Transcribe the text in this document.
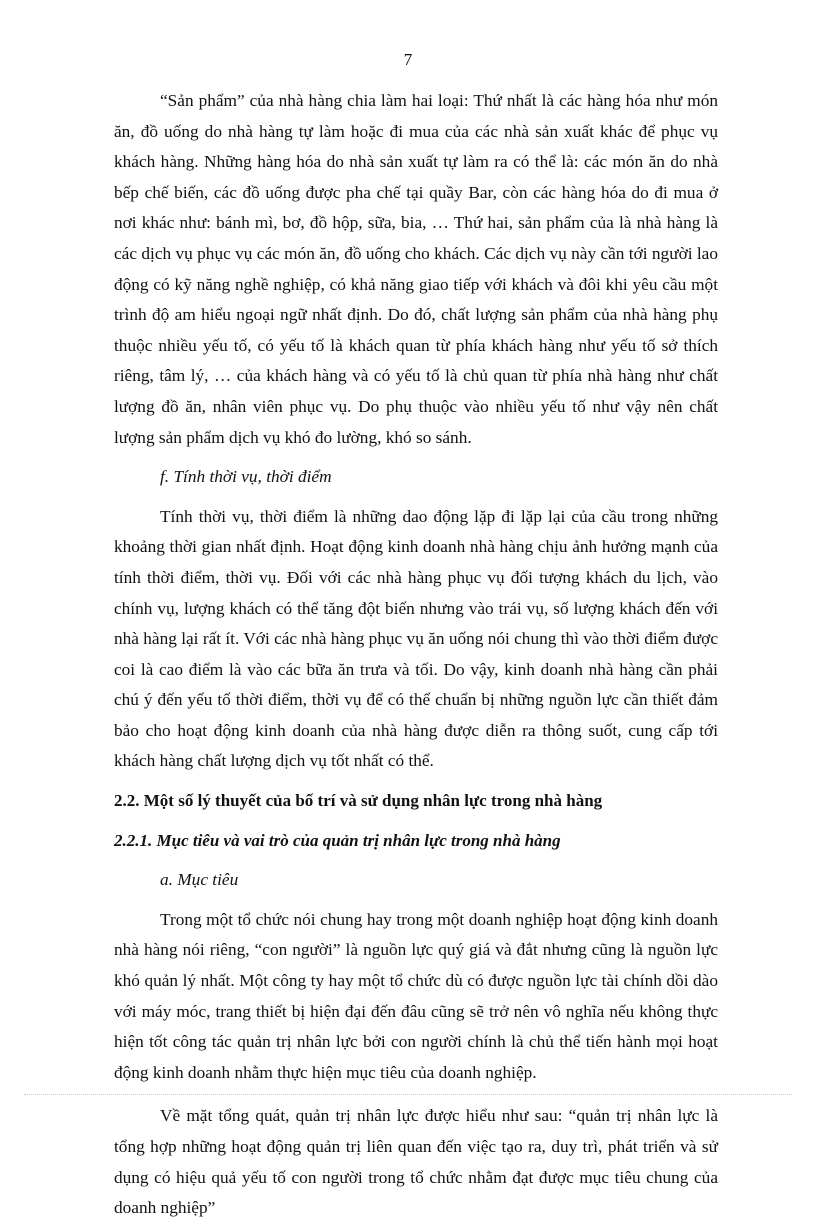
7

“Sản phẩm” của nhà hàng chia làm hai loại: Thứ nhất là các hàng hóa như món ăn, đồ uống do nhà hàng tự làm hoặc đi mua của các nhà sản xuất khác để phục vụ khách hàng. Những hàng hóa do nhà sản xuất tự làm ra có thể là: các món ăn do nhà bếp chế biến, các đồ uống được pha chế tại quầy Bar, còn các hàng hóa do đi mua ở nơi khác như: bánh mì, bơ, đồ hộp, sữa, bia, … Thứ hai, sản phẩm của là nhà hàng là các dịch vụ phục vụ các món ăn, đồ uống cho khách. Các dịch vụ này cần tới người lao động có kỹ năng nghề nghiệp, có khả năng giao tiếp với khách và đôi khi yêu cầu một trình độ am hiểu ngoại ngữ nhất định. Do đó, chất lượng sản phẩm của nhà hàng phụ thuộc nhiều yếu tố, có yếu tố là khách quan từ phía khách hàng như yếu tố sở thích riêng, tâm lý, … của khách hàng và có yếu tố là chủ quan từ phía nhà hàng như chất lượng đồ ăn, nhân viên phục vụ. Do phụ thuộc vào nhiều yếu tố như vậy nên chất lượng sản phẩm dịch vụ khó đo lường, khó so sánh.

f. Tính thời vụ, thời điểm

Tính thời vụ, thời điểm là những dao động lặp đi lặp lại của cầu trong những khoảng thời gian nhất định. Hoạt động kinh doanh nhà hàng chịu ảnh hưởng mạnh của tính thời điểm, thời vụ. Đối với các nhà hàng phục vụ đối tượng khách du lịch, vào chính vụ, lượng khách có thể tăng đột biến nhưng vào trái vụ, số lượng khách đến với nhà hàng lại rất ít. Với các nhà hàng phục vụ ăn uống nói chung thì vào thời điểm được coi là cao điểm là vào các bữa ăn trưa và tối. Do vậy, kinh doanh nhà hàng cần phải chú ý đến yếu tố thời điểm, thời vụ để có thể chuẩn bị những nguồn lực cần thiết đảm bảo cho hoạt động kinh doanh của nhà hàng được diễn ra thông suốt, cung cấp tới khách hàng chất lượng dịch vụ tốt nhất có thể.

2.2. Một số lý thuyết của bố trí và sử dụng nhân lực trong nhà hàng

2.2.1. Mục tiêu và vai trò của quản trị nhân lực trong nhà hàng

a. Mục tiêu

Trong một tổ chức nói chung hay trong một doanh nghiệp hoạt động kinh doanh nhà hàng nói riêng, “con người” là nguồn lực quý giá và đắt nhưng cũng là nguồn lực khó quản lý nhất. Một công ty hay một tổ chức dù có được nguồn lực tài chính dồi dào với máy móc, trang thiết bị hiện đại đến đâu cũng sẽ trở nên vô nghĩa nếu không thực hiện tốt công tác quản trị nhân lực bởi con người chính là chủ thể tiến hành mọi hoạt động kinh doanh nhằm thực hiện mục tiêu của doanh nghiệp.

Về mặt tổng quát, quản trị nhân lực được hiểu như sau: “quản trị nhân lực là tổng hợp những hoạt động quản trị liên quan đến việc tạo ra, duy trì, phát triển và sử dụng có hiệu quả yếu tố con người trong tổ chức nhằm đạt được mục tiêu chung của doanh nghiệp”
